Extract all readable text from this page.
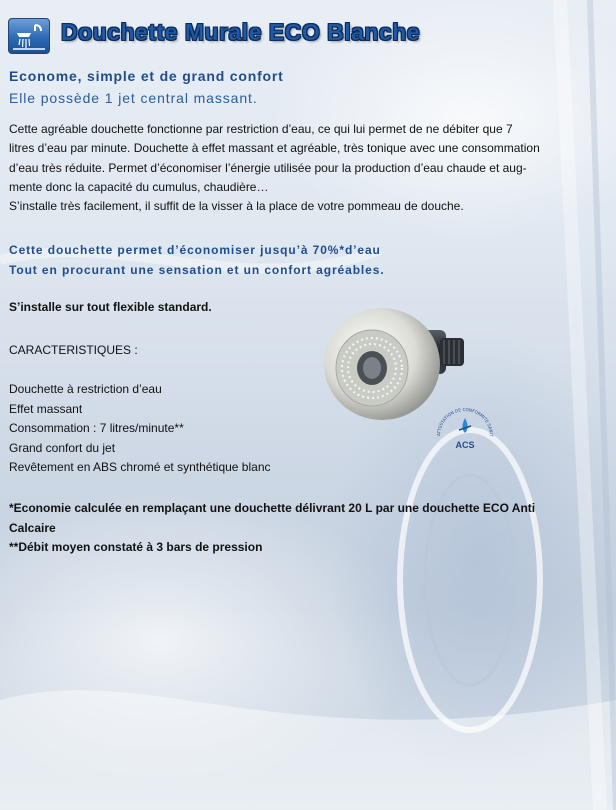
Douchette Murale ECO Blanche
Econome, simple et de grand confort
Elle possède 1 jet central massant.
Cette agréable douchette fonctionne par restriction d’eau, ce qui lui permet de ne débiter que 7
litres d’eau par minute. Douchette à effet massant et agréable, très tonique avec une consommation
d’eau très réduite. Permet d’économiser l’énergie utilisée pour la production d’eau chaude et aug-
mente donc la capacité du cumulus, chaudière…
S’installe très facilement, il suffit de la visser à la place de votre pommeau de douche.
Cette douchette permet d’économiser jusqu’à 70%*d’eau
Tout en procurant une sensation et un confort agréables.
S’installe sur tout flexible standard.
CARACTERISTIQUES :
Douchette à restriction d’eau
Effet massant
Consommation : 7 litres/minute**
Grand confort du jet
Revêtement en ABS chromé et synthétique blanc
*Economie calculée en remplaçant une douchette délivrant 20 L par une douchette ECO Anti
Calcaire
**Débit moyen constaté à 3 bars de pression
ATTESTATION DE CONFORMITE SANIT
ACS
